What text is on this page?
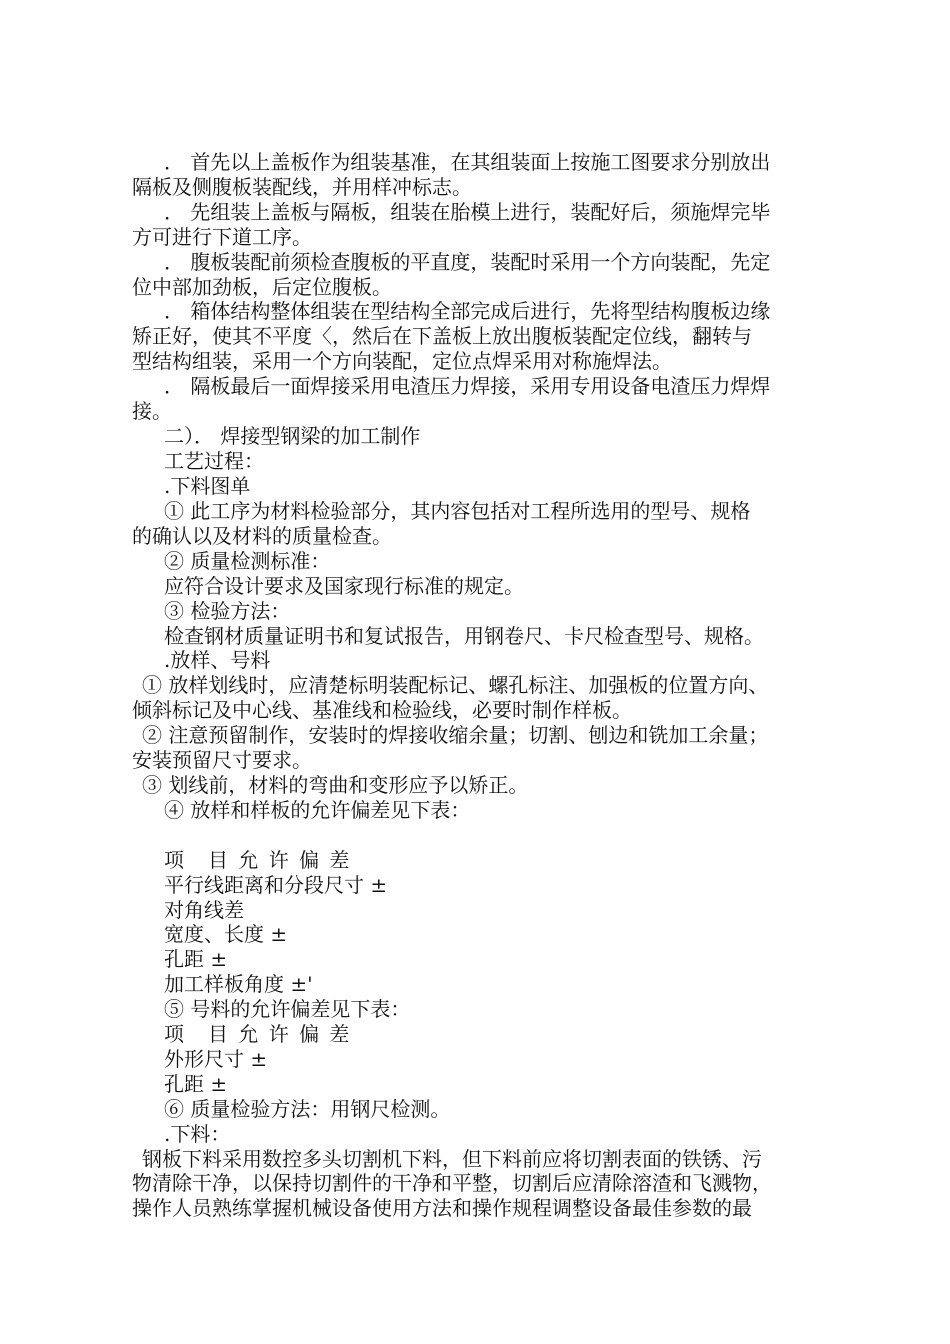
． 首先以上盖板作为组装基准，在其组装面上按施工图要求分别放出
隔板及侧腹板装配线，并用样冲标志。
． 先组装上盖板与隔板，组装在胎模上进行，装配好后，须施焊完毕
方可进行下道工序。
． 腹板装配前须检查腹板的平直度，装配时采用一个方向装配，先定
位中部加劲板，后定位腹板。
． 箱体结构整体组装在型结构全部完成后进行，先将型结构腹板边缘
矫正好，使其不平度〈，然后在下盖板上放出腹板装配定位线，翻转与
型结构组装，采用一个方向装配，定位点焊采用对称施焊法。
． 隔板最后一面焊接采用电渣压力焊接，采用专用设备电渣压力焊焊
接。
二）． 焊接型钢梁的加工制作
工艺过程：
.下料图单
① 此工序为材料检验部分，其内容包括对工程所选用的型号、规格
的确认以及材料的质量检查。
② 质量检测标准：
应符合设计要求及国家现行标准的规定。
③ 检验方法：
检查钢材质量证明书和复试报告，用钢卷尺、卡尺检查型号、规格。
.放样、号料
① 放样划线时，应清楚标明装配标记、螺孔标注、加强板的位置方向、
倾斜标记及中心线、基准线和检验线，必要时制作样板。
② 注意预留制作，安装时的焊接收缩余量；切割、刨边和铣加工余量；
安装预留尺寸要求。
③ 划线前，材料的弯曲和变形应予以矫正。
④ 放样和样板的允许偏差见下表：
项　目 允 许 偏 差
平行线距离和分段尺寸 ±
对角线差
宽度、长度 ±
孔距 ±
加工样板角度 ±'
⑤ 号料的允许偏差见下表：
项　目 允 许 偏 差
外形尺寸 ±
孔距 ±
⑥ 质量检验方法：用钢尺检测。
.下料：
钢板下料采用数控多头切割机下料，但下料前应将切割表面的铁锈、污
物清除干净，以保持切割件的干净和平整，切割后应清除溶渣和飞溅物，
操作人员熟练掌握机械设备使用方法和操作规程调整设备最佳参数的最
